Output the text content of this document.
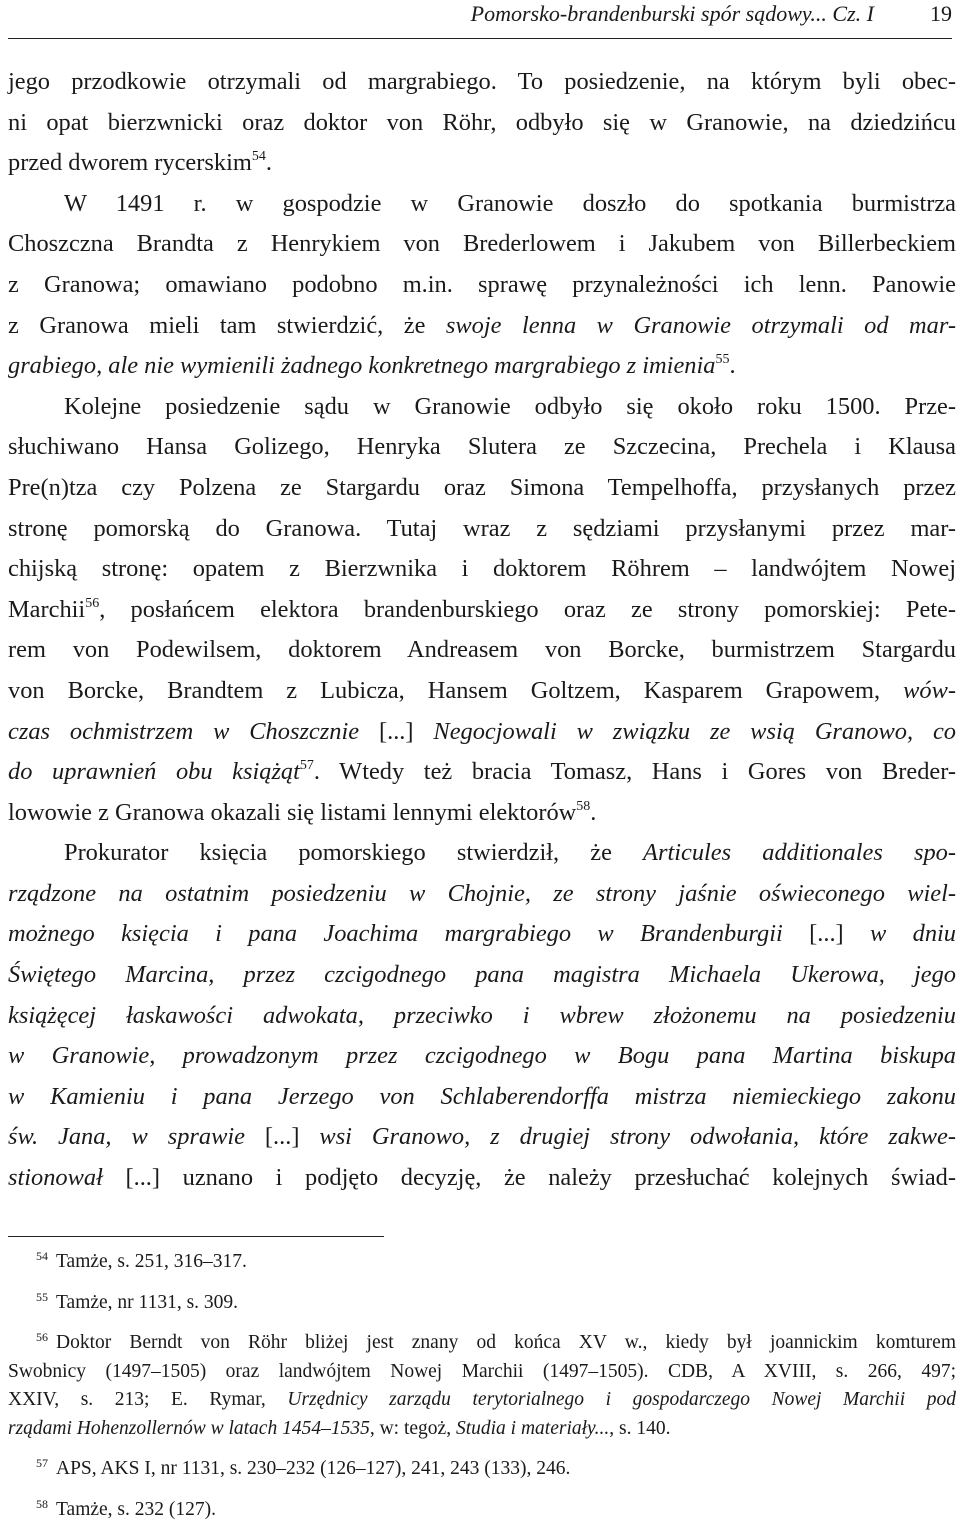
Pomorsko-brandenburski spór sądowy... Cz. I	19
jego przodkowie otrzymali od margrabiego. To posiedzenie, na którym byli obec-
ni opat bierzwnicki oraz doktor von Röhr, odbyło się w Granowie, na dziedzińcu
przed dworem rycerskim$^{54}$.
W 1491 r. w gospodzie w Granowie doszło do spotkania burmistrza
Choszczna Brandta z Henrykiem von Brederlowem i Jakubem von Billerbeckiem
z Granowa; omawiano podobno m.in. sprawę przynależności ich lenn. Panowie
z Granowa mieli tam stwierdzić, że swoje lenna w Granowie otrzymali od mar-
grabiego, ale nie wymienili żadnego konkretnego margrabiego z imienia$^{55}$.
Kolejne posiedzenie sądu w Granowie odbyło się około roku 1500. Prze-
słuchiwano Hansa Golizego, Henryka Slutera ze Szczecina, Prechela i Klausa
Pre(n)tza czy Polzena ze Stargardu oraz Simona Tempelhoffa, przysłanych przez
stronę pomorską do Granowa. Tutaj wraz z sędziami przysłanymi przez mar-
chijską stronę: opatem z Bierzwnika i doktorem Röhrem – landwójtem Nowej
Marchii$^{56}$, posłańcem elektora brandenburskiego oraz ze strony pomorskiej: Pete-
rem von Podewilsem, doktorem Andreasem von Borcke, burmistrzem Stargardu
von Borcke, Brandtem z Lubicza, Hansem Goltzem, Kasparem Grapowem, wów-
czas ochmistrzem w Choszcznie [...] Negocjowali w związku ze wsią Granowo, co
do uprawnień obu książąt$^{57}$. Wtedy też bracia Tomasz, Hans i Gores von Breder-
lowowie z Granowa okazali się listami lennymi elektorów$^{58}$.
Prokurator księcia pomorskiego stwierdził, że Articules additionales spo-
rządzone na ostatnim posiedzeniu w Chojnie, ze strony jaśnie oświeconego wiel-
możnego księcia i pana Joachima margrabiego w Brandenburgii [...] w dniu
Świętego Marcina, przez czcigodnego pana magistra Michaela Ukerowa, jego
książęcej łaskawości adwokata, przeciwko i wbrew złożonemu na posiedzeniu
w Granowie, prowadzonym przez czcigodnego w Bogu pana Martina biskupa
w Kamieniu i pana Jerzego von Schlaberendorffa mistrza niemieckiego zakonu
św. Jana, w sprawie [...] wsi Granowo, z drugiej strony odwołania, które zakwe-
stionował [...] uznano i podjęto decyzję, że należy przesłuchać kolejnych świad-
$^{54}$ Tamże, s. 251, 316–317.
$^{55}$ Tamże, nr 1131, s. 309.
$^{56}$ Doktor Berndt von Röhr bliżej jest znany od końca XV w., kiedy był joannickim komturem
Swobnicy (1497–1505) oraz landwójtem Nowej Marchii (1497–1505). CDB, A XVIII, s. 266, 497;
XXIV, s. 213; E. Rymar, Urzędnicy zarządu terytorialnego i gospodarczego Nowej Marchii pod
rządami Hohenzollernów w latach 1454–1535, w: tegoż, Studia i materiały..., s. 140.
$^{57}$ APS, AKS I, nr 1131, s. 230–232 (126–127), 241, 243 (133), 246.
$^{58}$ Tamże, s. 232 (127).
